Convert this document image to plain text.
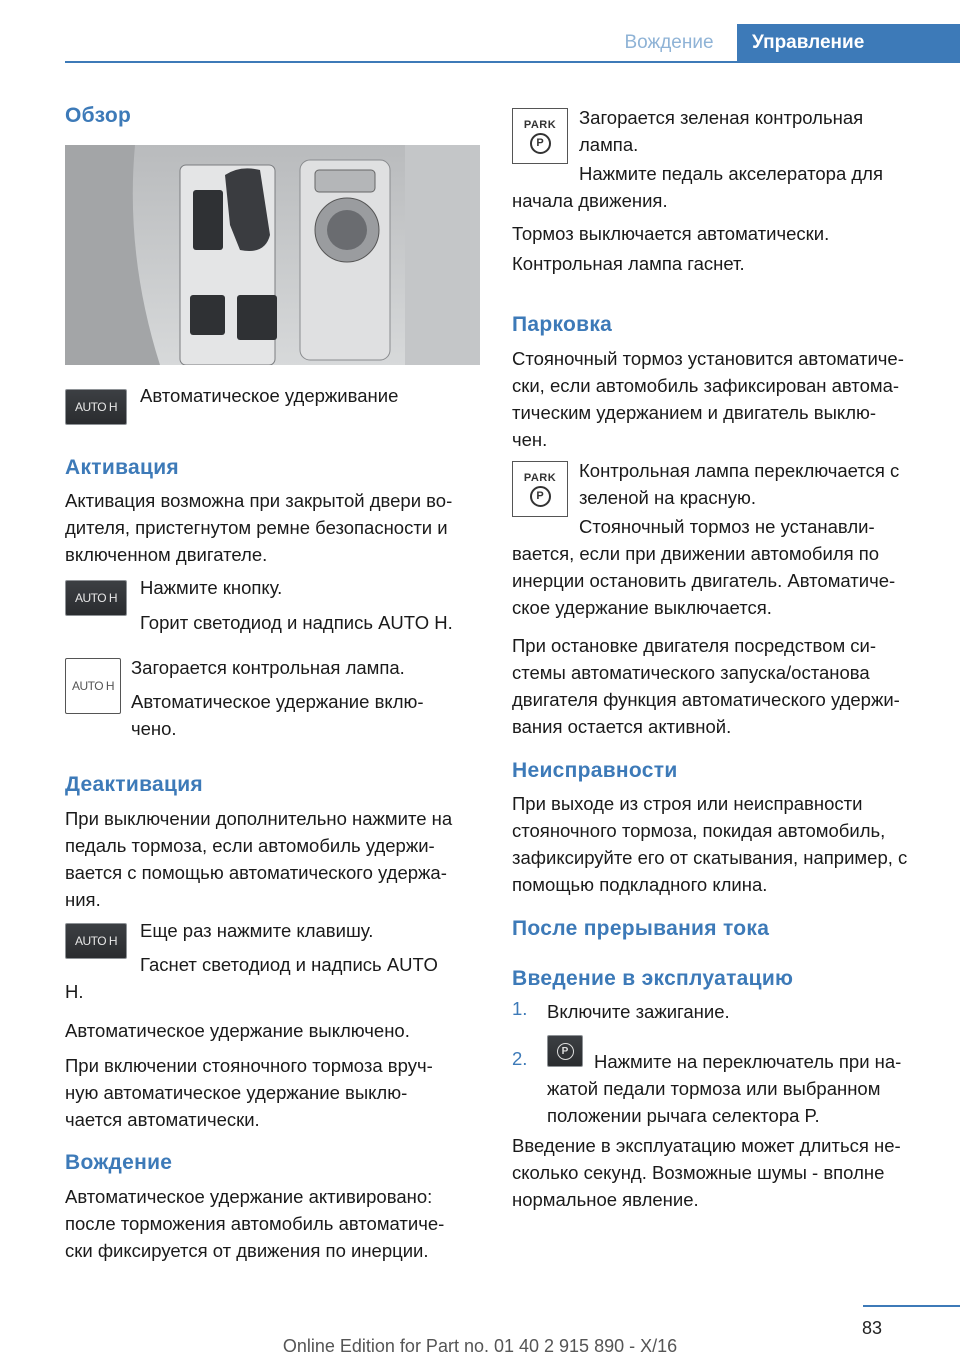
Вождение	Управление
Обзор
AUTO H
Автоматическое удерживание
Активация
Активация возможна при закрытой двери во-
дителя, пристегнутом ремне безопасности и
включенном двигателе.
AUTO H	Нажмите кнопку.
Горит светодиод и надпись AUTO H.
AUTO H
Загорается контрольная лампа.
Автоматическое удержание вклю-
чено.
Деактивация
При выключении дополнительно нажмите на
педаль тормоза, если автомобиль удержи-
вается с помощью автоматического удержа-
ния.
AUTO H	Еще раз нажмите клавишу.
Гаснет светодиод и надпись AUTO
H.
Автоматическое удержание выключено.
При включении стояночного тормоза вруч-
ную автоматическое удержание выклю-
чается автоматически.
Вождение
Автоматическое удержание активировано:
после торможения автомобиль автоматиче-
ски фиксируется от движения по инерции.
PARK
P
Загорается зеленая контрольная
лампа.
Нажмите педаль акселератора для
начала движения.
Тормоз выключается автоматически.
Контрольная лампа гаснет.
Парковка
Стояночный тормоз установится автоматиче-
ски, если автомобиль зафиксирован автома-
тическим удержанием и двигатель выклю-
чен.
PARK
P
Контрольная лампа переключается с
зеленой на красную.
Стояночный тормоз не устанавли-
вается, если при движении автомобиля по
инерции остановить двигатель. Автоматиче-
ское удержание выключается.
При остановке двигателя посредством си-
стемы автоматического запуска/останова
двигателя функция автоматического удержи-
вания остается активной.
Неисправности
При выходе из строя или неисправности
стояночного тормоза, покидая автомобиль,
зафиксируйте его от скатывания, например, с
помощью подкладного клина.
После прерывания тока
Введение в эксплуатацию
1. Включите зажигание.
2.	P	Нажмите на переключатель при на-
жатой педали тормоза или выбранном
положении рычага селектора P.
Введение в эксплуатацию может длиться не-
сколько секунд. Возможные шумы - вполне
нормальное явление.
83
Online Edition for Part no. 01 40 2 915 890 - X/16
